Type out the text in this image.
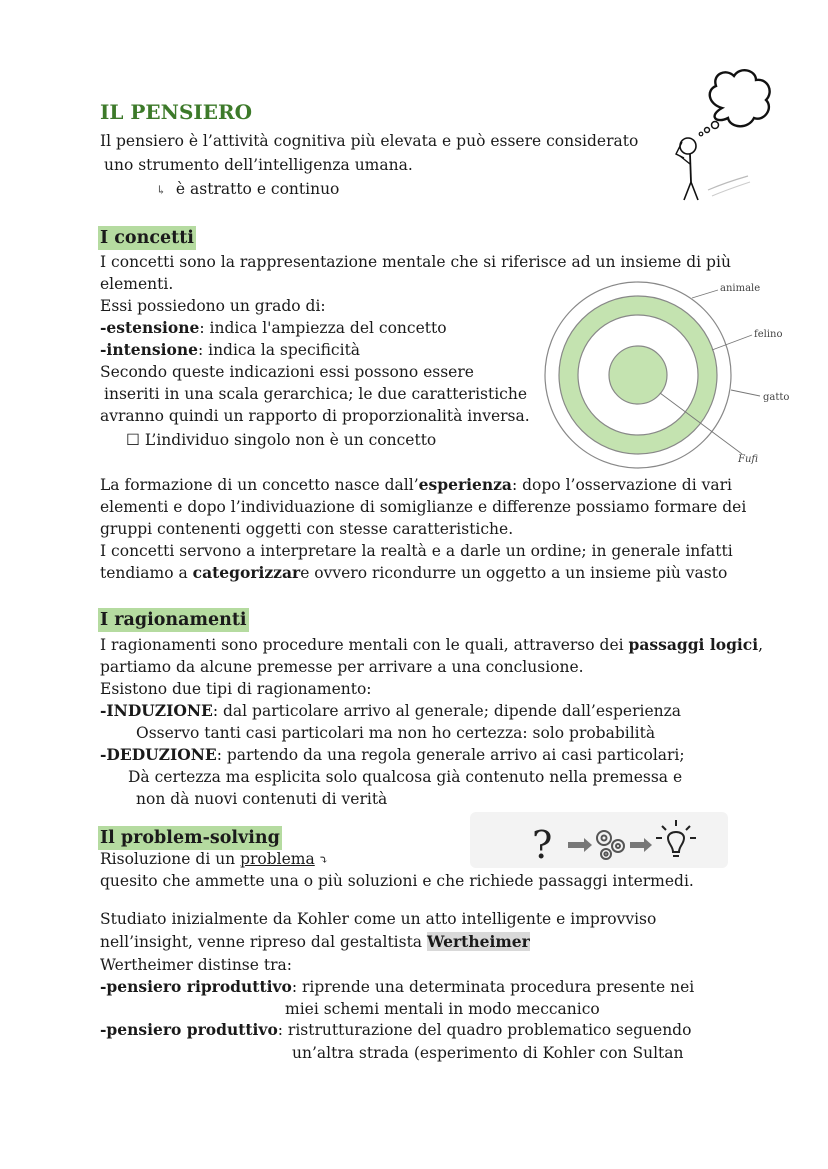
IL PENSIERO
Il pensiero è l’attività cognitiva più elevata e può essere considerato
uno strumento dell’intelligenza umana.
↳ è astratto e continuo
I concetti
I concetti sono la rappresentazione mentale che si riferisce ad un insieme di più
elementi.
Essi possiedono un grado di:
-estensione: indica l'ampiezza del concetto
-intensione: indica la specificità
Secondo queste indicazioni essi possono essere
inseriti in una scala gerarchica; le due caratteristiche
avranno quindi un rapporto di proporzionalità inversa.
☐ L’individuo singolo non è un concetto
animale
felino
gatto
Fufi
La formazione di un concetto nasce dall’esperienza: dopo l’osservazione di vari
elementi e dopo l’individuazione di somiglianze e differenze possiamo formare dei
gruppi contenenti oggetti con stesse caratteristiche.
I concetti servono a interpretare la realtà e a darle un ordine; in generale infatti
tendiamo a categorizzare ovvero ricondurre un oggetto a un insieme più vasto
I ragionamenti
I ragionamenti sono procedure mentali con le quali, attraverso dei passaggi logici,
partiamo da alcune premesse per arrivare a una conclusione.
Esistono due tipi di ragionamento:
-INDUZIONE: dal particolare arrivo al generale; dipende dall’esperienza
Osservo tanti casi particolari ma non ho certezza: solo probabilità
-DEDUZIONE: partendo da una regola generale arrivo ai casi particolari;
Dà certezza ma esplicita solo qualcosa già contenuto nella premessa e
non dà nuovi contenuti di verità
Il problem-solving
Risoluzione di un problema ⤵
quesito che ammette una o più soluzioni e che richiede passaggi intermedi.
?
Studiato inizialmente da Kohler come un atto intelligente e improvviso
nell’insight, venne ripreso dal gestaltista Wertheimer
Wertheimer distinse tra:
-pensiero riproduttivo: riprende una determinata procedura presente nei
miei schemi mentali in modo meccanico
-pensiero produttivo: ristrutturazione del quadro problematico seguendo
un’altra strada (esperimento di Kohler con Sultan
